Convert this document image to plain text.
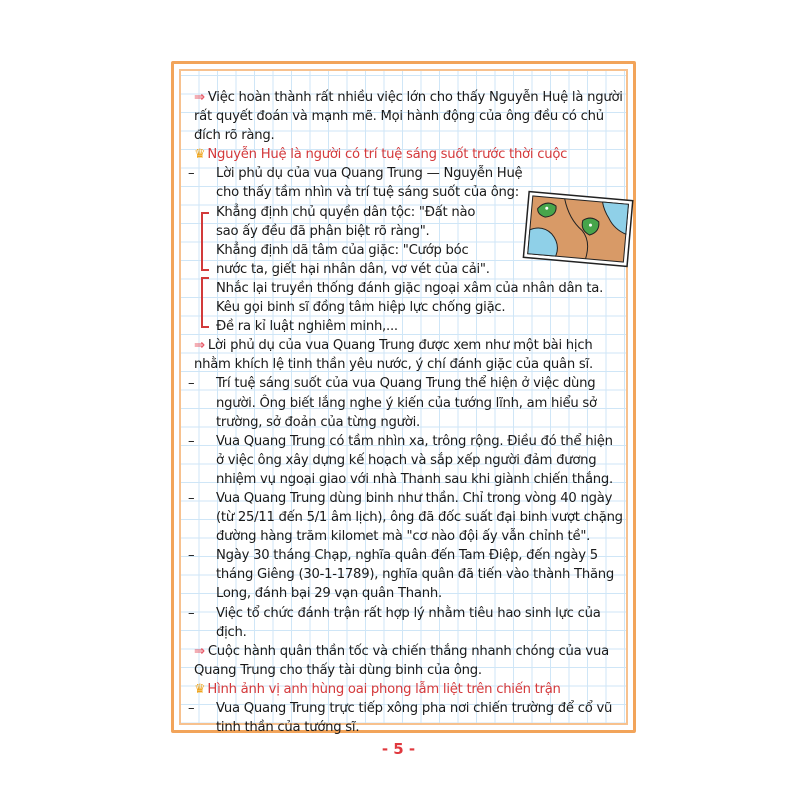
⇒ Việc hoàn thành rất nhiều việc lớn cho thấy Nguyễn Huệ là người rất quyết đoán và mạnh mẽ. Mọi hành động của ông đều có chủ đích rõ ràng.

♛ Nguyễn Huệ là người có trí tuệ sáng suốt trước thời cuộc

– Lời phủ dụ của vua Quang Trung — Nguyễn Huệ cho thấy tầm nhìn và trí tuệ sáng suốt của ông:

Khẳng định chủ quyền dân tộc: "Đất nào sao ấy đều đã phân biệt rõ ràng".

Khẳng định dã tâm của giặc: "Cướp bóc nước ta, giết hại nhân dân, vơ vét của cải".

Nhắc lại truyền thống đánh giặc ngoại xâm của nhân dân ta.

Kêu gọi binh sĩ đồng tâm hiệp lực chống giặc.

Đề ra kỉ luật nghiêm minh,...

⇒ Lời phủ dụ của vua Quang Trung được xem như một bài hịch nhằm khích lệ tinh thần yêu nước, ý chí đánh giặc của quân sĩ.

– Trí tuệ sáng suốt của vua Quang Trung thể hiện ở việc dùng người. Ông biết lắng nghe ý kiến của tướng lĩnh, am hiểu sở trường, sở đoản của từng người.

– Vua Quang Trung có tầm nhìn xa, trông rộng. Điều đó thể hiện ở việc ông xây dựng kế hoạch và sắp xếp người đảm đương nhiệm vụ ngoại giao với nhà Thanh sau khi giành chiến thắng.

– Vua Quang Trung dùng binh như thần. Chỉ trong vòng 40 ngày (từ 25/11 đến 5/1 âm lịch), ông đã đốc suất đại binh vượt chặng đường hàng trăm kilomet mà "cơ nào đội ấy vẫn chỉnh tề".

– Ngày 30 tháng Chạp, nghĩa quân đến Tam Điệp, đến ngày 5 tháng Giêng (30-1-1789), nghĩa quân đã tiến vào thành Thăng Long, đánh bại 29 vạn quân Thanh.

– Việc tổ chức đánh trận rất hợp lý nhằm tiêu hao sinh lực của địch.

⇒ Cuộc hành quân thần tốc và chiến thắng nhanh chóng của vua Quang Trung cho thấy tài dùng binh của ông.

♛ Hình ảnh vị anh hùng oai phong lẫm liệt trên chiến trận

– Vua Quang Trung trực tiếp xông pha nơi chiến trường để cổ vũ tinh thần của tướng sĩ.

- 5 -
